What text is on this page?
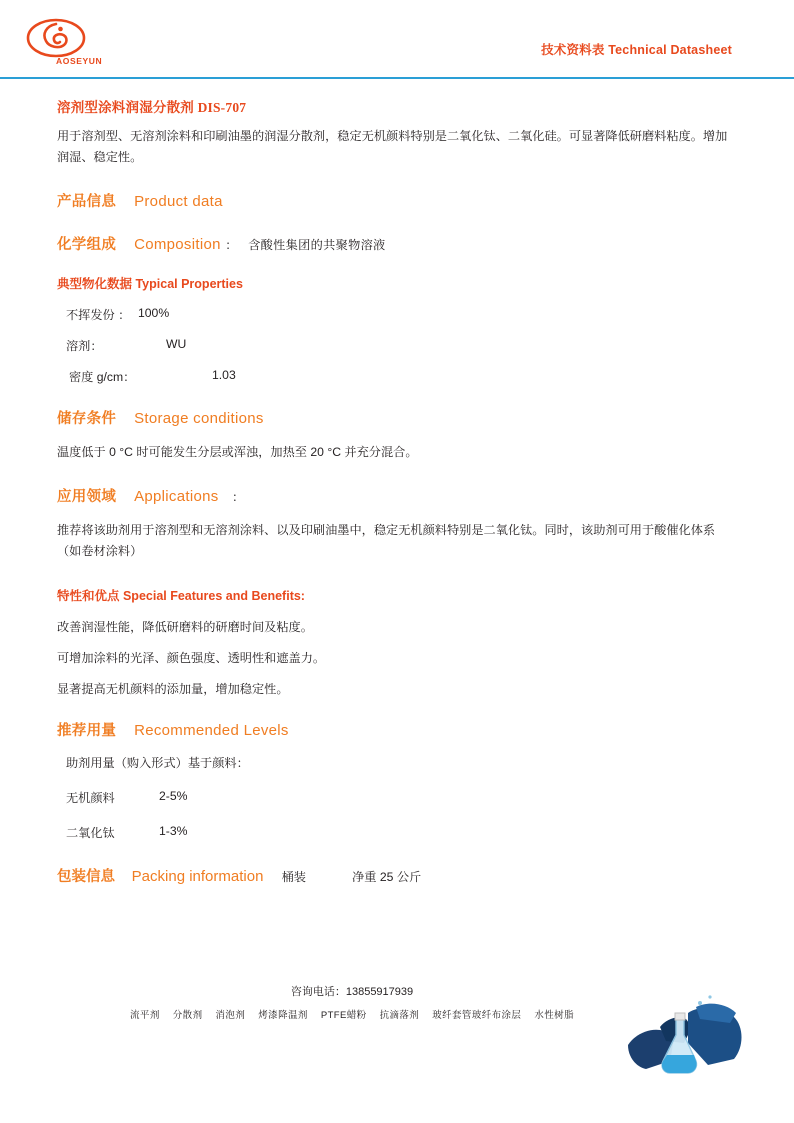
AOSEYUN
技术资料表 Technical Datasheet
溶剂型涂料润湿分散剂 DIS-707

用于溶剂型、无溶剂涂料和印刷油墨的润湿分散剂，稳定无机颜料特别是二氧化钛、二氧化硅。可显著降低研磨料粘度。增加润湿、稳定性。

产品信息 Product data
化学组成 Composition ： 含酸性集团的共聚物溶液
典型物化数据 Typical Properties
不挥发份 ： 100%
溶剂：	WU
密度 g/cm：	1.03
储存条件 Storage conditions

温度低于 0 °C 时可能发生分层或浑浊，加热至 20 °C 并充分混合。

应用领域 Applications ：

推荐将该助剂用于溶剂型和无溶剂涂料、以及印刷油墨中，稳定无机颜料特别是二氧化钛。同时，该助剂可用于酸催化体系（如卷材涂料）

特性和优点 Special Features and Benefits:
改善润湿性能，降低研磨料的研磨时间及粘度。
可增加涂料的光泽、颜色强度、透明性和遮盖力。
显著提高无机颜料的添加量，增加稳定性。
推荐用量 Recommended Levels
助剂用量（购入形式）基于颜料：
无机颜料	2-5%
二氧化钛	1-3%
包装信息 Packing information 桶装	净重 25 公斤
咨询电话：13855917939
流平剂 分散剂 消泡剂 烤漆降温剂 PTFE蜡粉 抗滴落剂 玻纤套管玻纤布涂层 水性树脂
